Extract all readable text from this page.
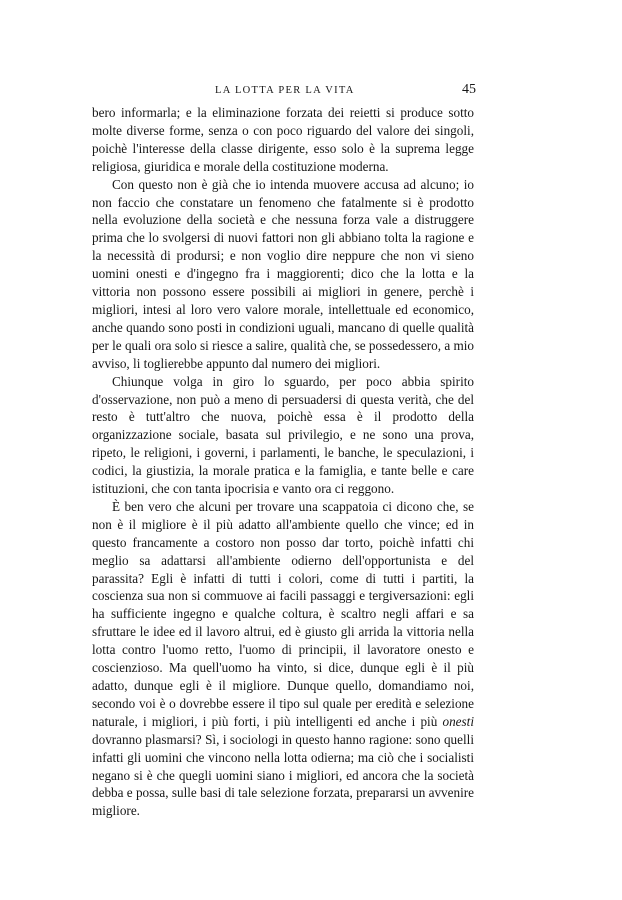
LA LOTTA PER LA VITA	45

bero informarla; e la eliminazione forzata dei reietti si produce sotto molte diverse forme, senza o con poco riguardo del valore dei singoli, poichè l'interesse della classe dirigente, esso solo è la suprema legge religiosa, giuridica e morale della costituzione moderna.

Con questo non è già che io intenda muovere accusa ad alcuno; io non faccio che constatare un fenomeno che fatalmente si è prodotto nella evoluzione della società e che nessuna forza vale a distruggere prima che lo svolgersi di nuovi fattori non gli abbiano tolta la ragione e la necessità di prodursi; e non voglio dire neppure che non vi sieno uomini onesti e d'ingegno fra i maggiorenti; dico che la lotta e la vittoria non possono essere possibili ai migliori in genere, perchè i migliori, intesi al loro vero valore morale, intellettuale ed economico, anche quando sono posti in condizioni uguali, mancano di quelle qualità per le quali ora solo si riesce a salire, qualità che, se possedessero, a mio avviso, li toglierebbe appunto dal numero dei migliori.

Chiunque volga in giro lo sguardo, per poco abbia spirito d'osservazione, non può a meno di persuadersi di questa verità, che del resto è tutt'altro che nuova, poichè essa è il prodotto della organizzazione sociale, basata sul privilegio, e ne sono una prova, ripeto, le religioni, i governi, i parlamenti, le banche, le speculazioni, i codici, la giustizia, la morale pratica e la famiglia, e tante belle e care istituzioni, che con tanta ipocrisia e vanto ora ci reggono.

È ben vero che alcuni per trovare una scappatoia ci dicono che, se non è il migliore è il più adatto all'ambiente quello che vince; ed in questo francamente a costoro non posso dar torto, poichè infatti chi meglio sa adattarsi all'ambiente odierno dell'opportunista e del parassita? Egli è infatti di tutti i colori, come di tutti i partiti, la coscienza sua non si commuove ai facili passaggi e tergiversazioni: egli ha sufficiente ingegno e qualche coltura, è scaltro negli affari e sa sfruttare le idee ed il lavoro altrui, ed è giusto gli arrida la vittoria nella lotta contro l'uomo retto, l'uomo di principii, il lavoratore onesto e coscienzioso. Ma quell'uomo ha vinto, si dice, dunque egli è il più adatto, dunque egli è il migliore. Dunque quello, domandiamo noi, secondo voi è o dovrebbe essere il tipo sul quale per eredità e selezione naturale, i migliori, i più forti, i più intelligenti ed anche i più onesti dovranno plasmarsi? Sì, i sociologi in questo hanno ragione: sono quelli infatti gli uomini che vincono nella lotta odierna; ma ciò che i socialisti negano si è che quegli uomini siano i migliori, ed ancora che la società debba e possa, sulle basi di tale selezione forzata, prepararsi un avvenire migliore.
